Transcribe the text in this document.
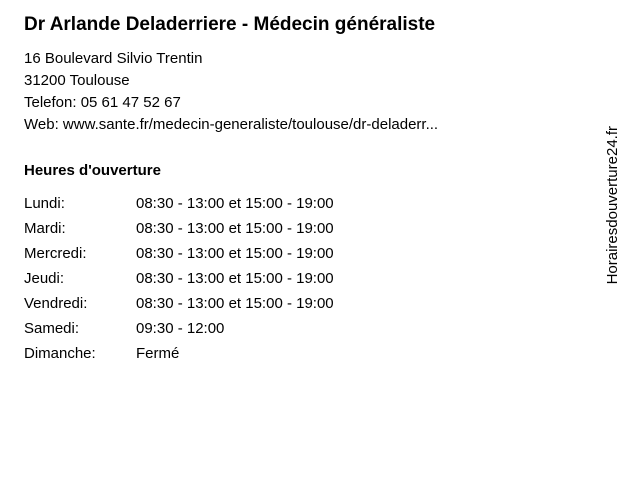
Dr Arlande Deladerriere - Médecin généraliste

16 Boulevard Silvio Trentin

31200 Toulouse

Telefon: 05 61 47 52 67

Web: www.sante.fr/medecin-generaliste/toulouse/dr-deladerr...

Heures d'ouverture
Lundi:	08:30 - 13:00 et 15:00 - 19:00
Mardi:	08:30 - 13:00 et 15:00 - 19:00
Mercredi:	08:30 - 13:00 et 15:00 - 19:00
Jeudi:	08:30 - 13:00 et 15:00 - 19:00
Vendredi:	08:30 - 13:00 et 15:00 - 19:00
Samedi:	09:30 - 12:00
Dimanche:	Fermé
Horairesdouverture24.fr
